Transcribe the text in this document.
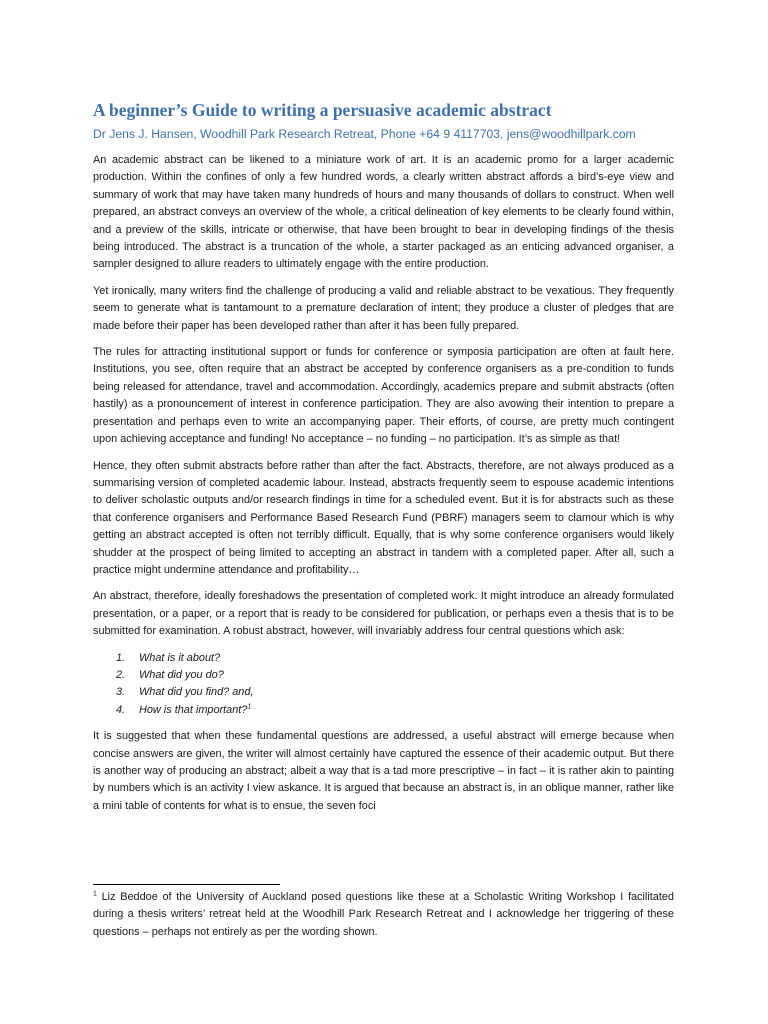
A beginner’s Guide to writing a persuasive academic abstract
Dr Jens J. Hansen, Woodhill Park Research Retreat, Phone +64 9 4117703, jens@woodhillpark.com

An academic abstract can be likened to a miniature work of art. It is an academic promo for a larger academic production. Within the confines of only a few hundred words, a clearly written abstract affords a bird’s-eye view and summary of work that may have taken many hundreds of hours and many thousands of dollars to construct. When well prepared, an abstract conveys an overview of the whole, a critical delineation of key elements to be clearly found within, and a preview of the skills, intricate or otherwise, that have been brought to bear in developing findings of the thesis being introduced. The abstract is a truncation of the whole, a starter packaged as an enticing advanced organiser, a sampler designed to allure readers to ultimately engage with the entire production.

Yet ironically, many writers find the challenge of producing a valid and reliable abstract to be vexatious. They frequently seem to generate what is tantamount to a premature declaration of intent; they produce a cluster of pledges that are made before their paper has been developed rather than after it has been fully prepared.

The rules for attracting institutional support or funds for conference or symposia participation are often at fault here. Institutions, you see, often require that an abstract be accepted by conference organisers as a pre-condition to funds being released for attendance, travel and accommodation. Accordingly, academics prepare and submit abstracts (often hastily) as a pronouncement of interest in conference participation. They are also avowing their intention to prepare a presentation and perhaps even to write an accompanying paper. Their efforts, of course, are pretty much contingent upon achieving acceptance and funding! No acceptance – no funding – no participation. It’s as simple as that!

Hence, they often submit abstracts before rather than after the fact. Abstracts, therefore, are not always produced as a summarising version of completed academic labour. Instead, abstracts frequently seem to espouse academic intentions to deliver scholastic outputs and/or research findings in time for a scheduled event. But it is for abstracts such as these that conference organisers and Performance Based Research Fund (PBRF) managers seem to clamour which is why getting an abstract accepted is often not terribly difficult. Equally, that is why some conference organisers would likely shudder at the prospect of being limited to accepting an abstract in tandem with a completed paper. After all, such a practice might undermine attendance and profitability…

An abstract, therefore, ideally foreshadows the presentation of completed work. It might introduce an already formulated presentation, or a paper, or a report that is ready to be considered for publication, or perhaps even a thesis that is to be submitted for examination. A robust abstract, however, will invariably address four central questions which ask:

1. What is it about?
2. What did you do?
3. What did you find? and,
4. How is that important?$^1$

It is suggested that when these fundamental questions are addressed, a useful abstract will emerge because when concise answers are given, the writer will almost certainly have captured the essence of their academic output. But there is another way of producing an abstract; albeit a way that is a tad more prescriptive – in fact – it is rather akin to painting by numbers which is an activity I view askance. It is argued that because an abstract is, in an oblique manner, rather like a mini table of contents for what is to ensue, the seven foci

$^1$ Liz Beddoe of the University of Auckland posed questions like these at a Scholastic Writing Workshop I facilitated during a thesis writers’ retreat held at the Woodhill Park Research Retreat and I acknowledge her triggering of these questions – perhaps not entirely as per the wording shown.
